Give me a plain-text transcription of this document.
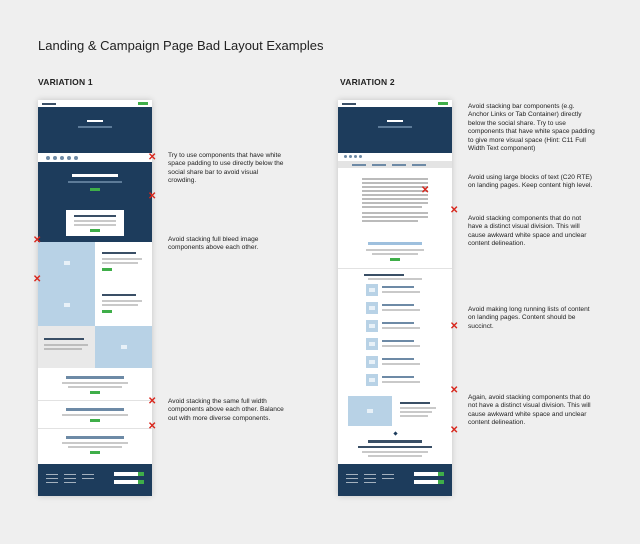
Landing & Campaign Page Bad Layout Examples
VARIATION 1	VARIATION 2
✕
✕
✕
✕
✕
✕
Try to use components that have white space padding to use directly below the social share bar to avoid visual crowding.
Avoid stacking full bleed image components above each other.
Avoid stacking the same full width components above each other. Balance out with more diverse components.
✕
✕
✕
✕
✕
Avoid stacking bar components (e.g. Anchor Links or Tab Container) directly below the social share. Try to use components that have white space padding to give more visual space (Hint: C11 Full Width Text component)
Avoid using large blocks of text (C20 RTE) on landing pages. Keep content high level.
Avoid stacking components that do not have a distinct visual division. This will cause awkward white space and unclear content delineation.
Avoid making long running lists of content on landing pages. Content should be succinct.
Again, avoid stacking components that do not have a distinct visual division. This will cause awkward white space and unclear content delineation.
